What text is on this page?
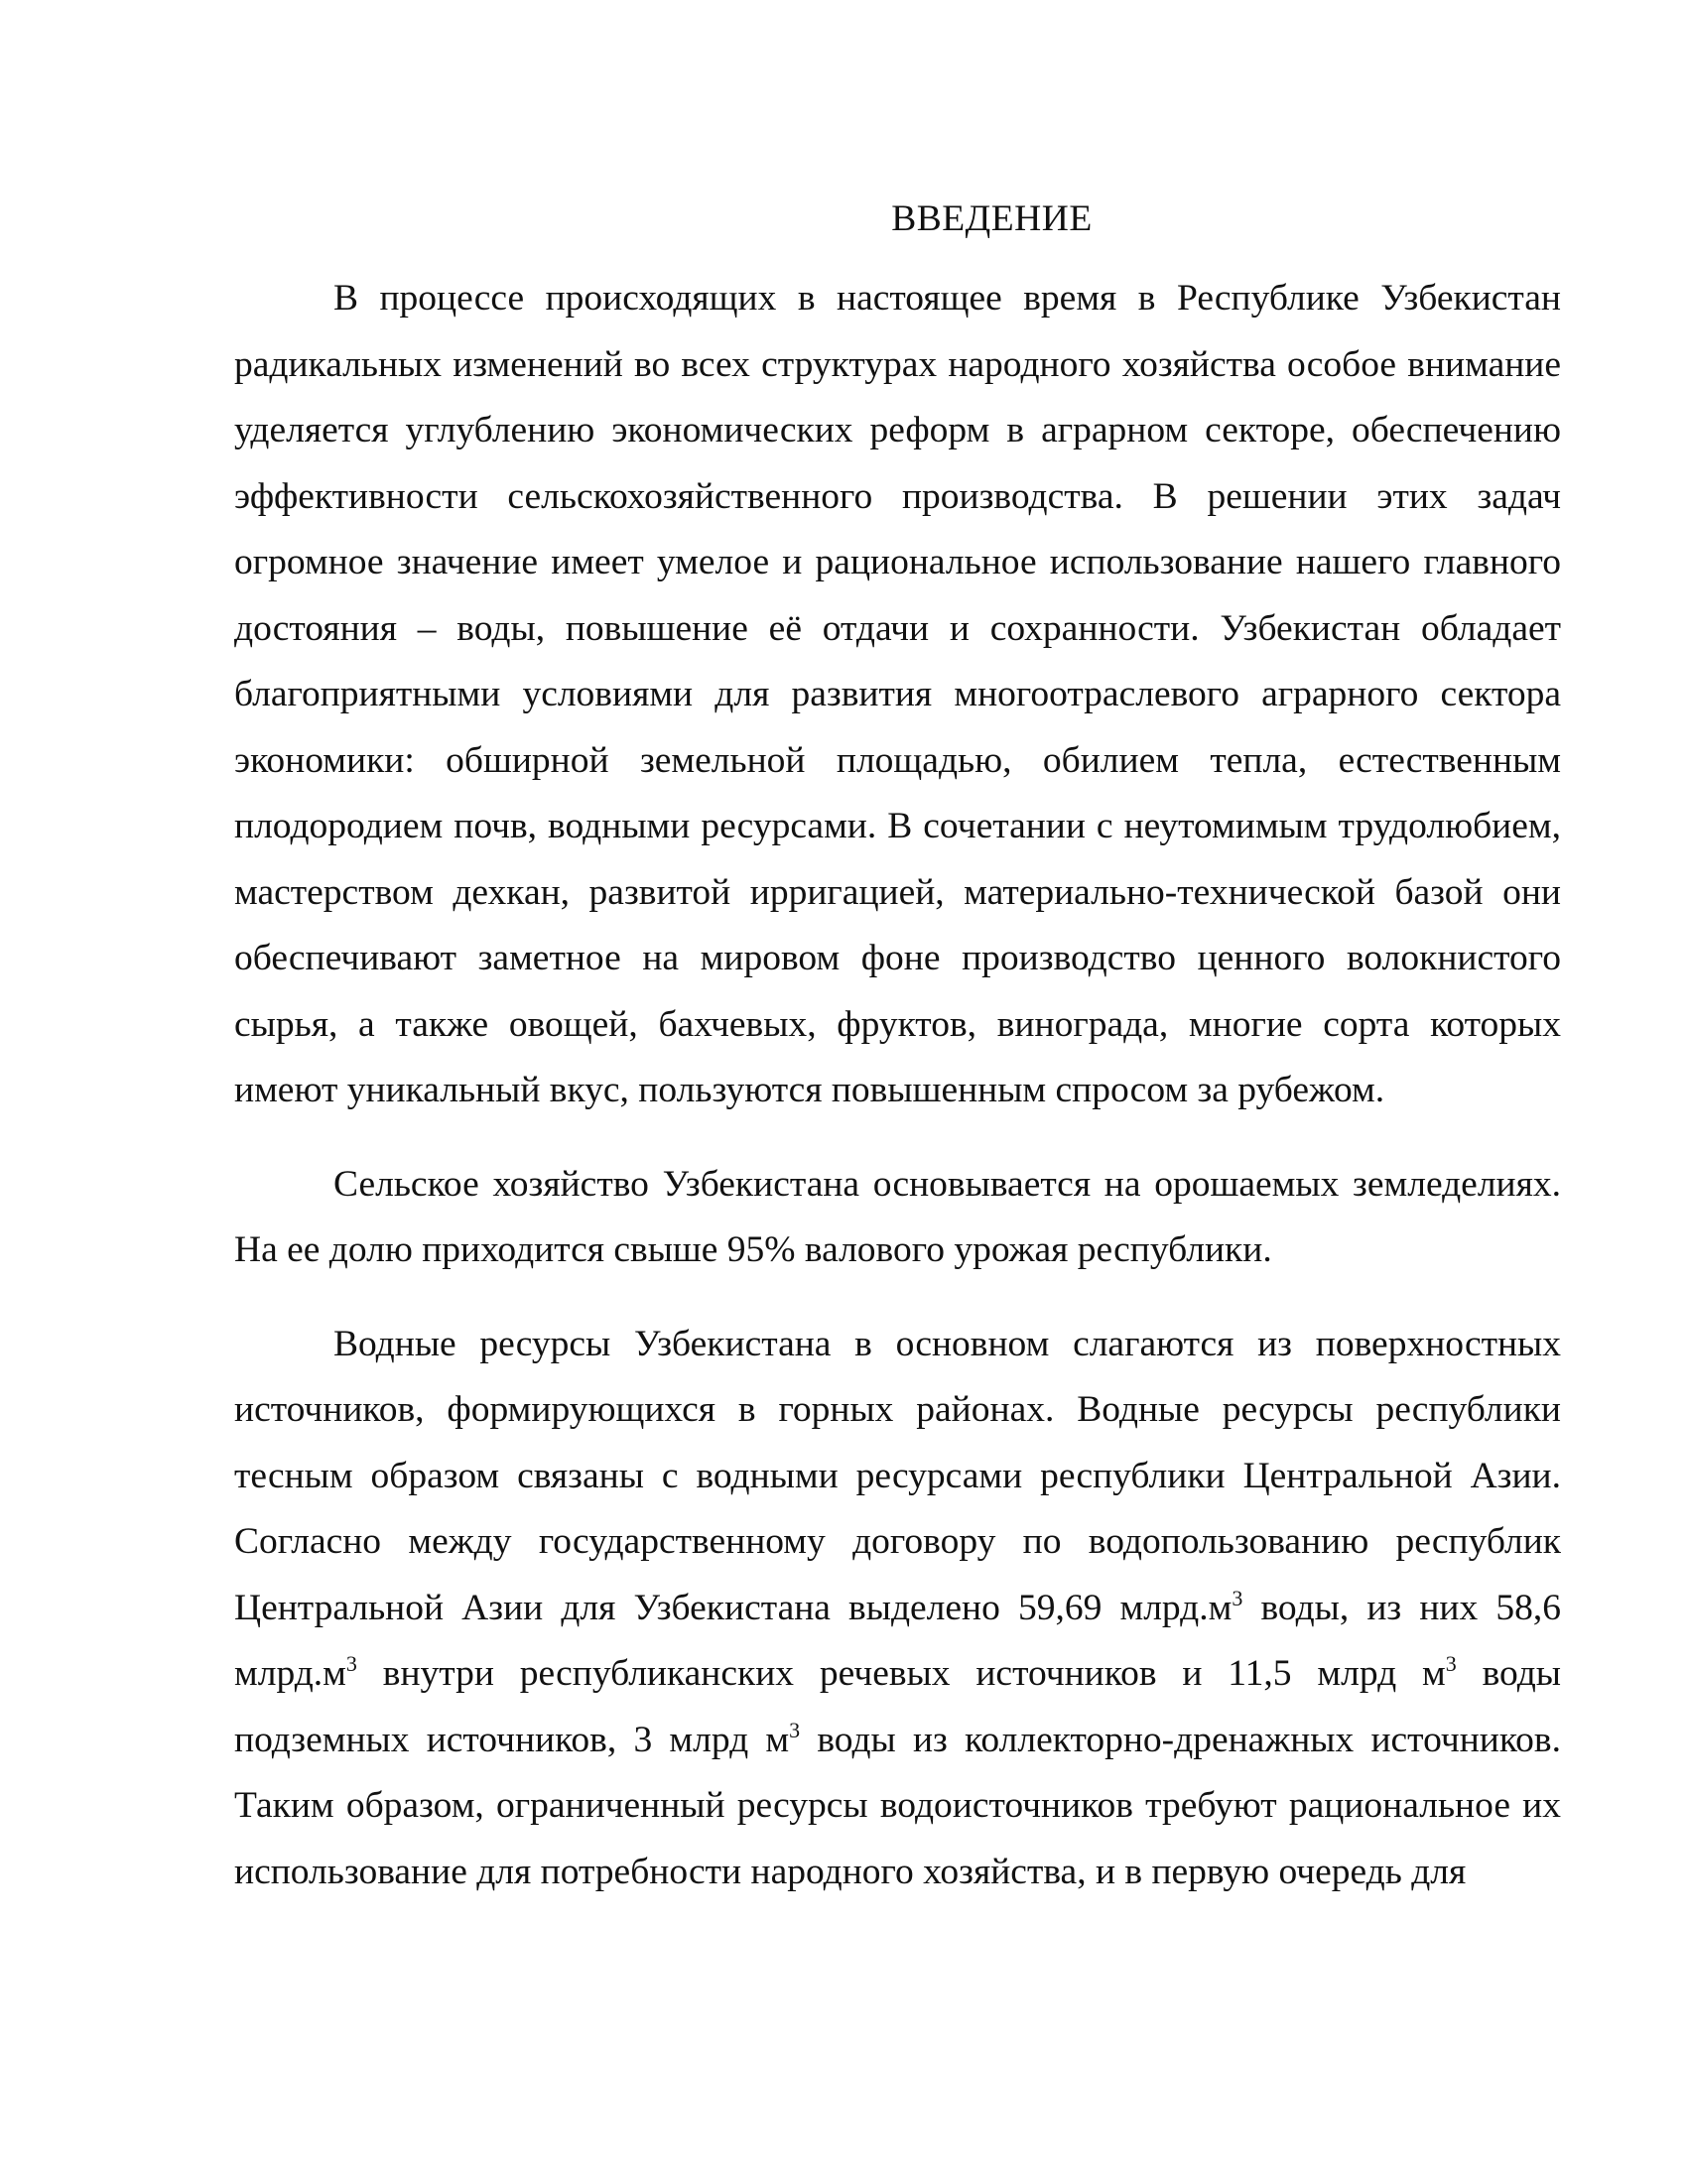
ВВЕДЕНИЕ

В процессе происходящих в настоящее время в Республике Узбекистан радикальных изменений во всех структурах народного хозяйства особое внимание уделяется углублению экономических реформ в аграрном секторе, обеспечению эффективности сельскохозяйственного производства. В решении этих задач огромное значение имеет умелое и рациональное использование нашего главного достояния – воды, повышение её отдачи и сохранности. Узбекистан обладает благоприятными условиями для развития многоотраслевого аграрного сектора экономики: обширной земельной площадью, обилием тепла, естественным плодородием почв, водными ресурсами. В сочетании с неутомимым трудолюбием, мастерством дехкан, развитой ирригацией, материально-технической базой они обеспечивают заметное на мировом фоне производство ценного волокнистого сырья, а также овощей, бахчевых, фруктов, винограда, многие сорта которых имеют уникальный вкус, пользуются повышенным спросом за рубежом.

Сельское хозяйство Узбекистана основывается на орошаемых земледелиях. На ее долю приходится свыше 95% валового урожая республики.

Водные ресурсы Узбекистана в основном слагаются из поверхностных источников, формирующихся в горных районах. Водные ресурсы республики тесным образом связаны с водными ресурсами республики Центральной Азии. Согласно между государственному договору по водопользованию республик Центральной Азии для Узбекистана выделено 59,69 $млрд.м^3$ воды, из них 58,6 $млрд.м^3$ внутри республиканских речевых источников и 11,5 млрд $м^3$ воды подземных источников, 3 млрд $м^3$ воды из коллекторно-дренажных источников. Таким образом, ограниченный ресурсы водоисточников требуют рациональное их использование для потребности народного хозяйства, и в первую очередь для
